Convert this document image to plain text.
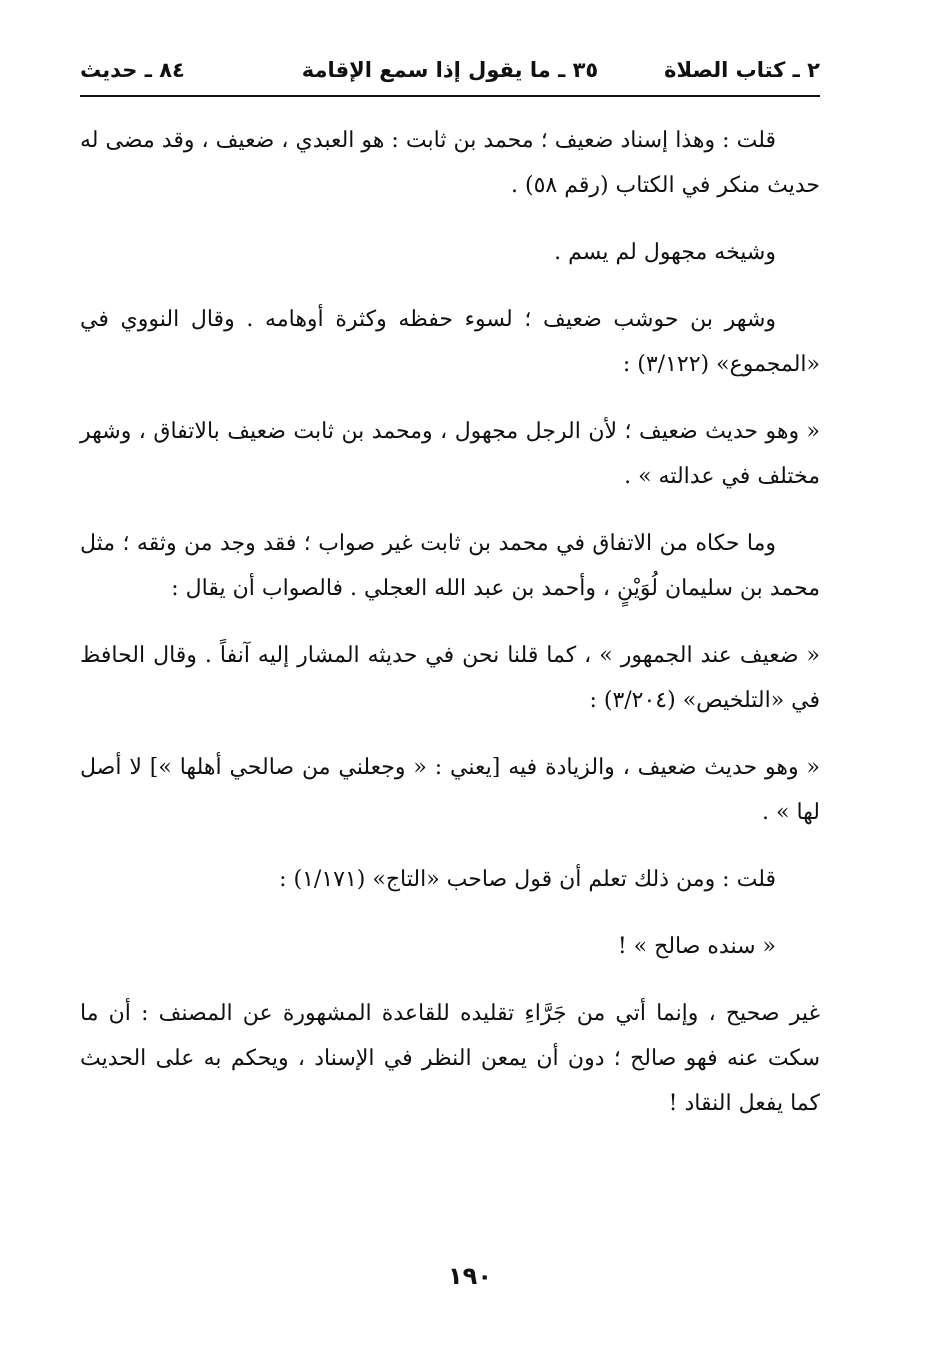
٢ ـ كتاب الصلاة
٣٥ ـ ما يقول إذا سمع الإقامة
٨٤ ـ حديث

قلت : وهذا إسناد ضعيف ؛ محمد بن ثابت : هو العبدي ، ضعيف ، وقد مضى له حديث منكر في الكتاب (رقم ٥٨) .

وشيخه مجهول لم يسم .

وشهر بن حوشب ضعيف ؛ لسوء حفظه وكثرة أوهامه . وقال النووي في «المجموع» (٣/١٢٢) :

« وهو حديث ضعيف ؛ لأن الرجل مجهول ، ومحمد بن ثابت ضعيف بالاتفاق ، وشهر مختلف في عدالته » .

وما حكاه من الاتفاق في محمد بن ثابت غير صواب ؛ فقد وجد من وثقه ؛ مثل محمد بن سليمان لُوَيْنٍ ، وأحمد بن عبد الله العجلي . فالصواب أن يقال :

« ضعيف عند الجمهور » ، كما قلنا نحن في حديثه المشار إليه آنفاً . وقال الحافظ في «التلخيص» (٣/٢٠٤) :

« وهو حديث ضعيف ، والزيادة فيه [يعني : « وجعلني من صالحي أهلها »] لا أصل لها » .

قلت : ومن ذلك تعلم أن قول صاحب «التاج» (١/١٧١) :

« سنده صالح » !

غير صحيح ، وإنما أتي من جَرَّاءِ تقليده للقاعدة المشهورة عن المصنف : أن ما سكت عنه فهو صالح ؛ دون أن يمعن النظر في الإسناد ، ويحكم به على الحديث كما يفعل النقاد !

١٩٠
